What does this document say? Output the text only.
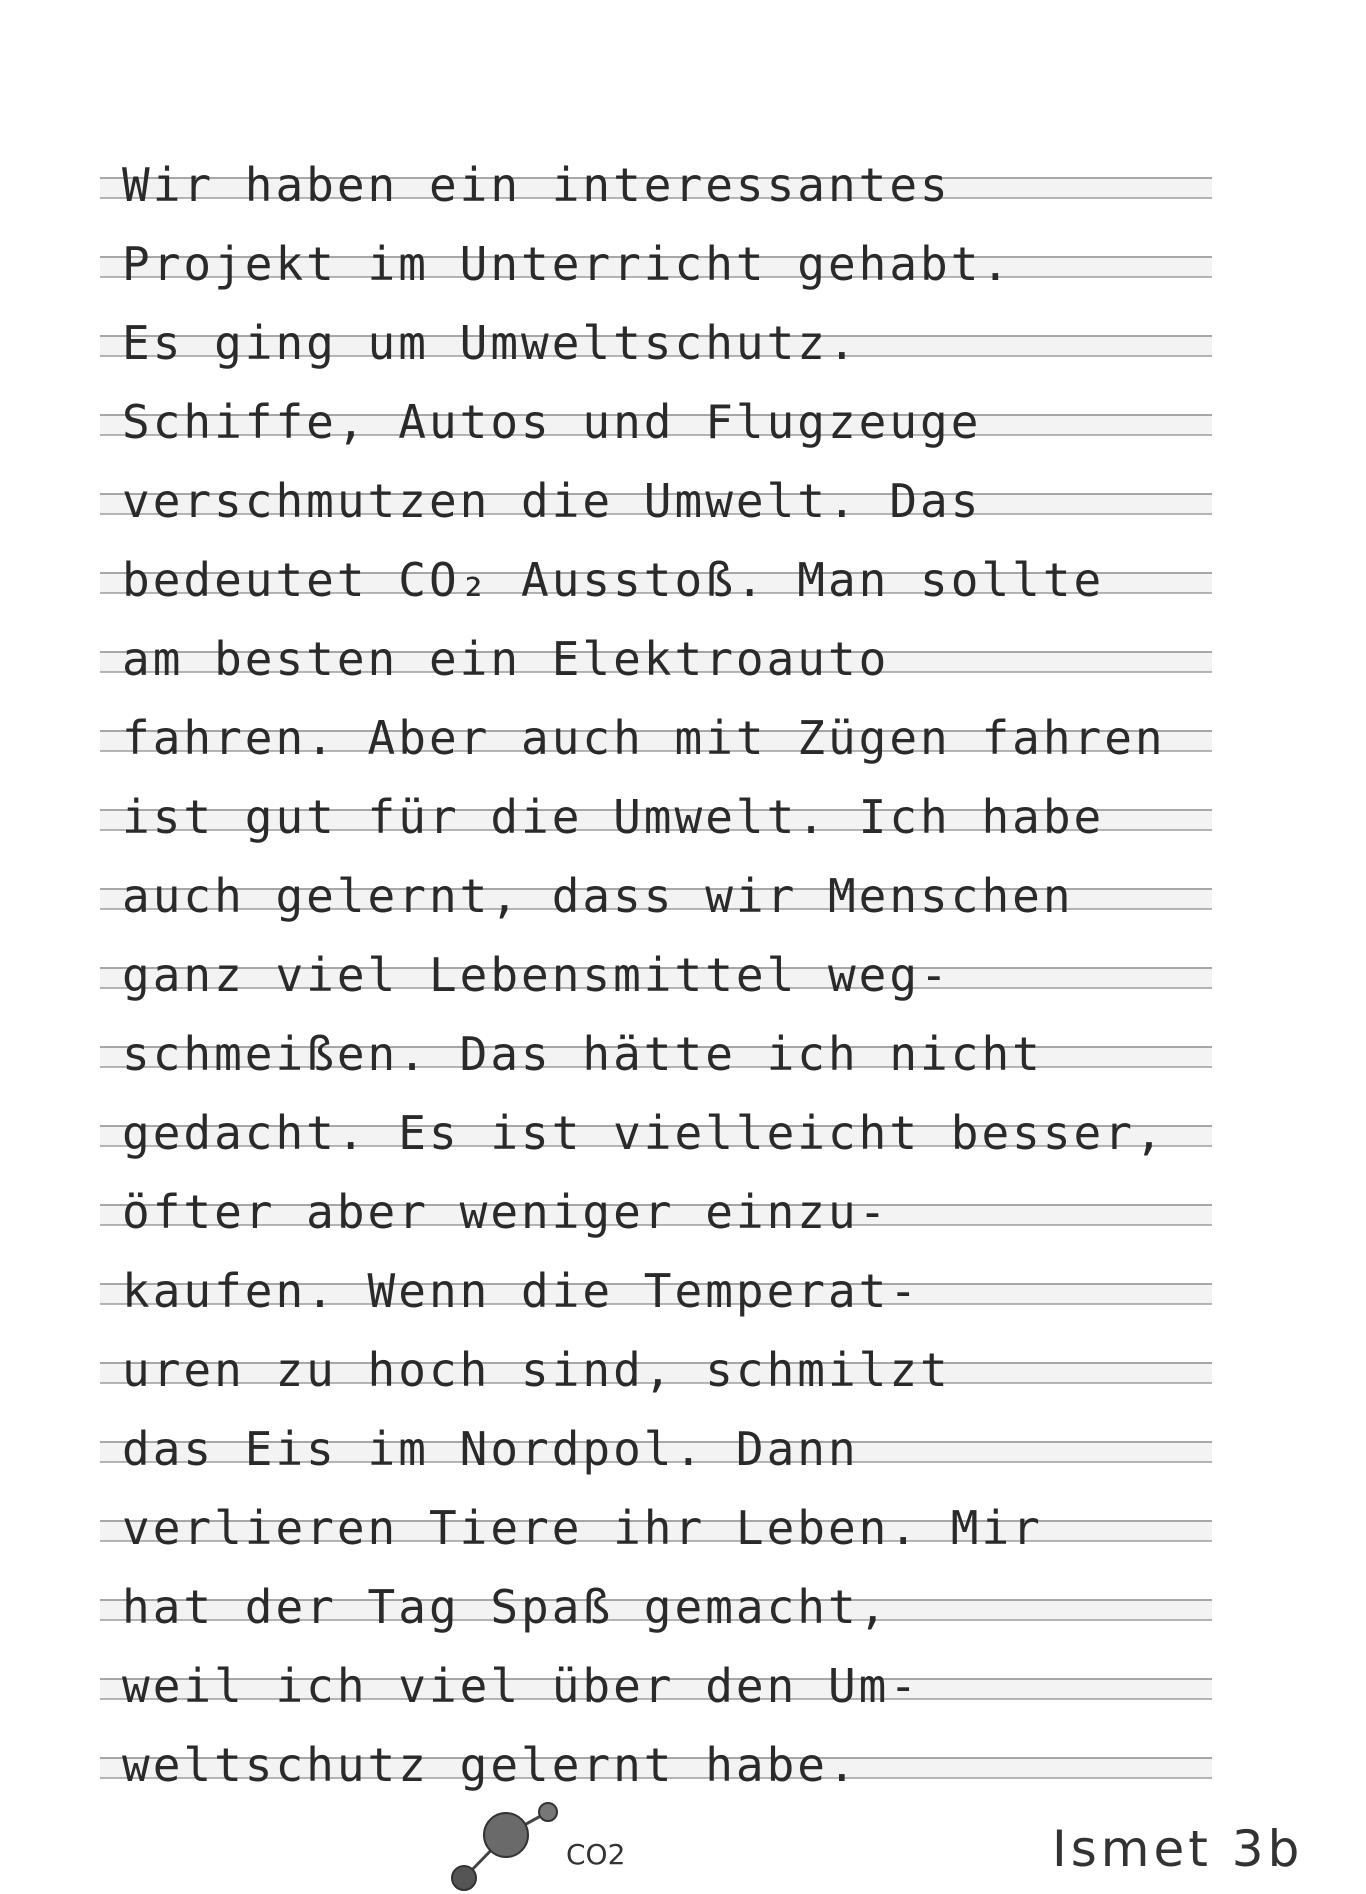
Wir haben ein interessantes
Projekt im Unterricht gehabt.
Es ging um Umweltschutz.
Schiffe, Autos und Flugzeuge
verschmutzen die Umwelt. Das
bedeutet CO₂ Ausstoß. Man sollte
am besten ein Elektroauto
fahren. Aber auch mit Zügen fahren
ist gut für die Umwelt. Ich habe
auch gelernt, dass wir Menschen
ganz viel Lebensmittel weg-
schmeißen. Das hätte ich nicht
gedacht. Es ist vielleicht besser,
öfter aber weniger einzu-
kaufen. Wenn die Temperat-
uren zu hoch sind, schmilzt
das Eis im Nordpol. Dann
verlieren Tiere ihr Leben. Mir
hat der Tag Spaß gemacht,
weil ich viel über den Um-
weltschutz gelernt habe.
CO2	Ismet 3b
